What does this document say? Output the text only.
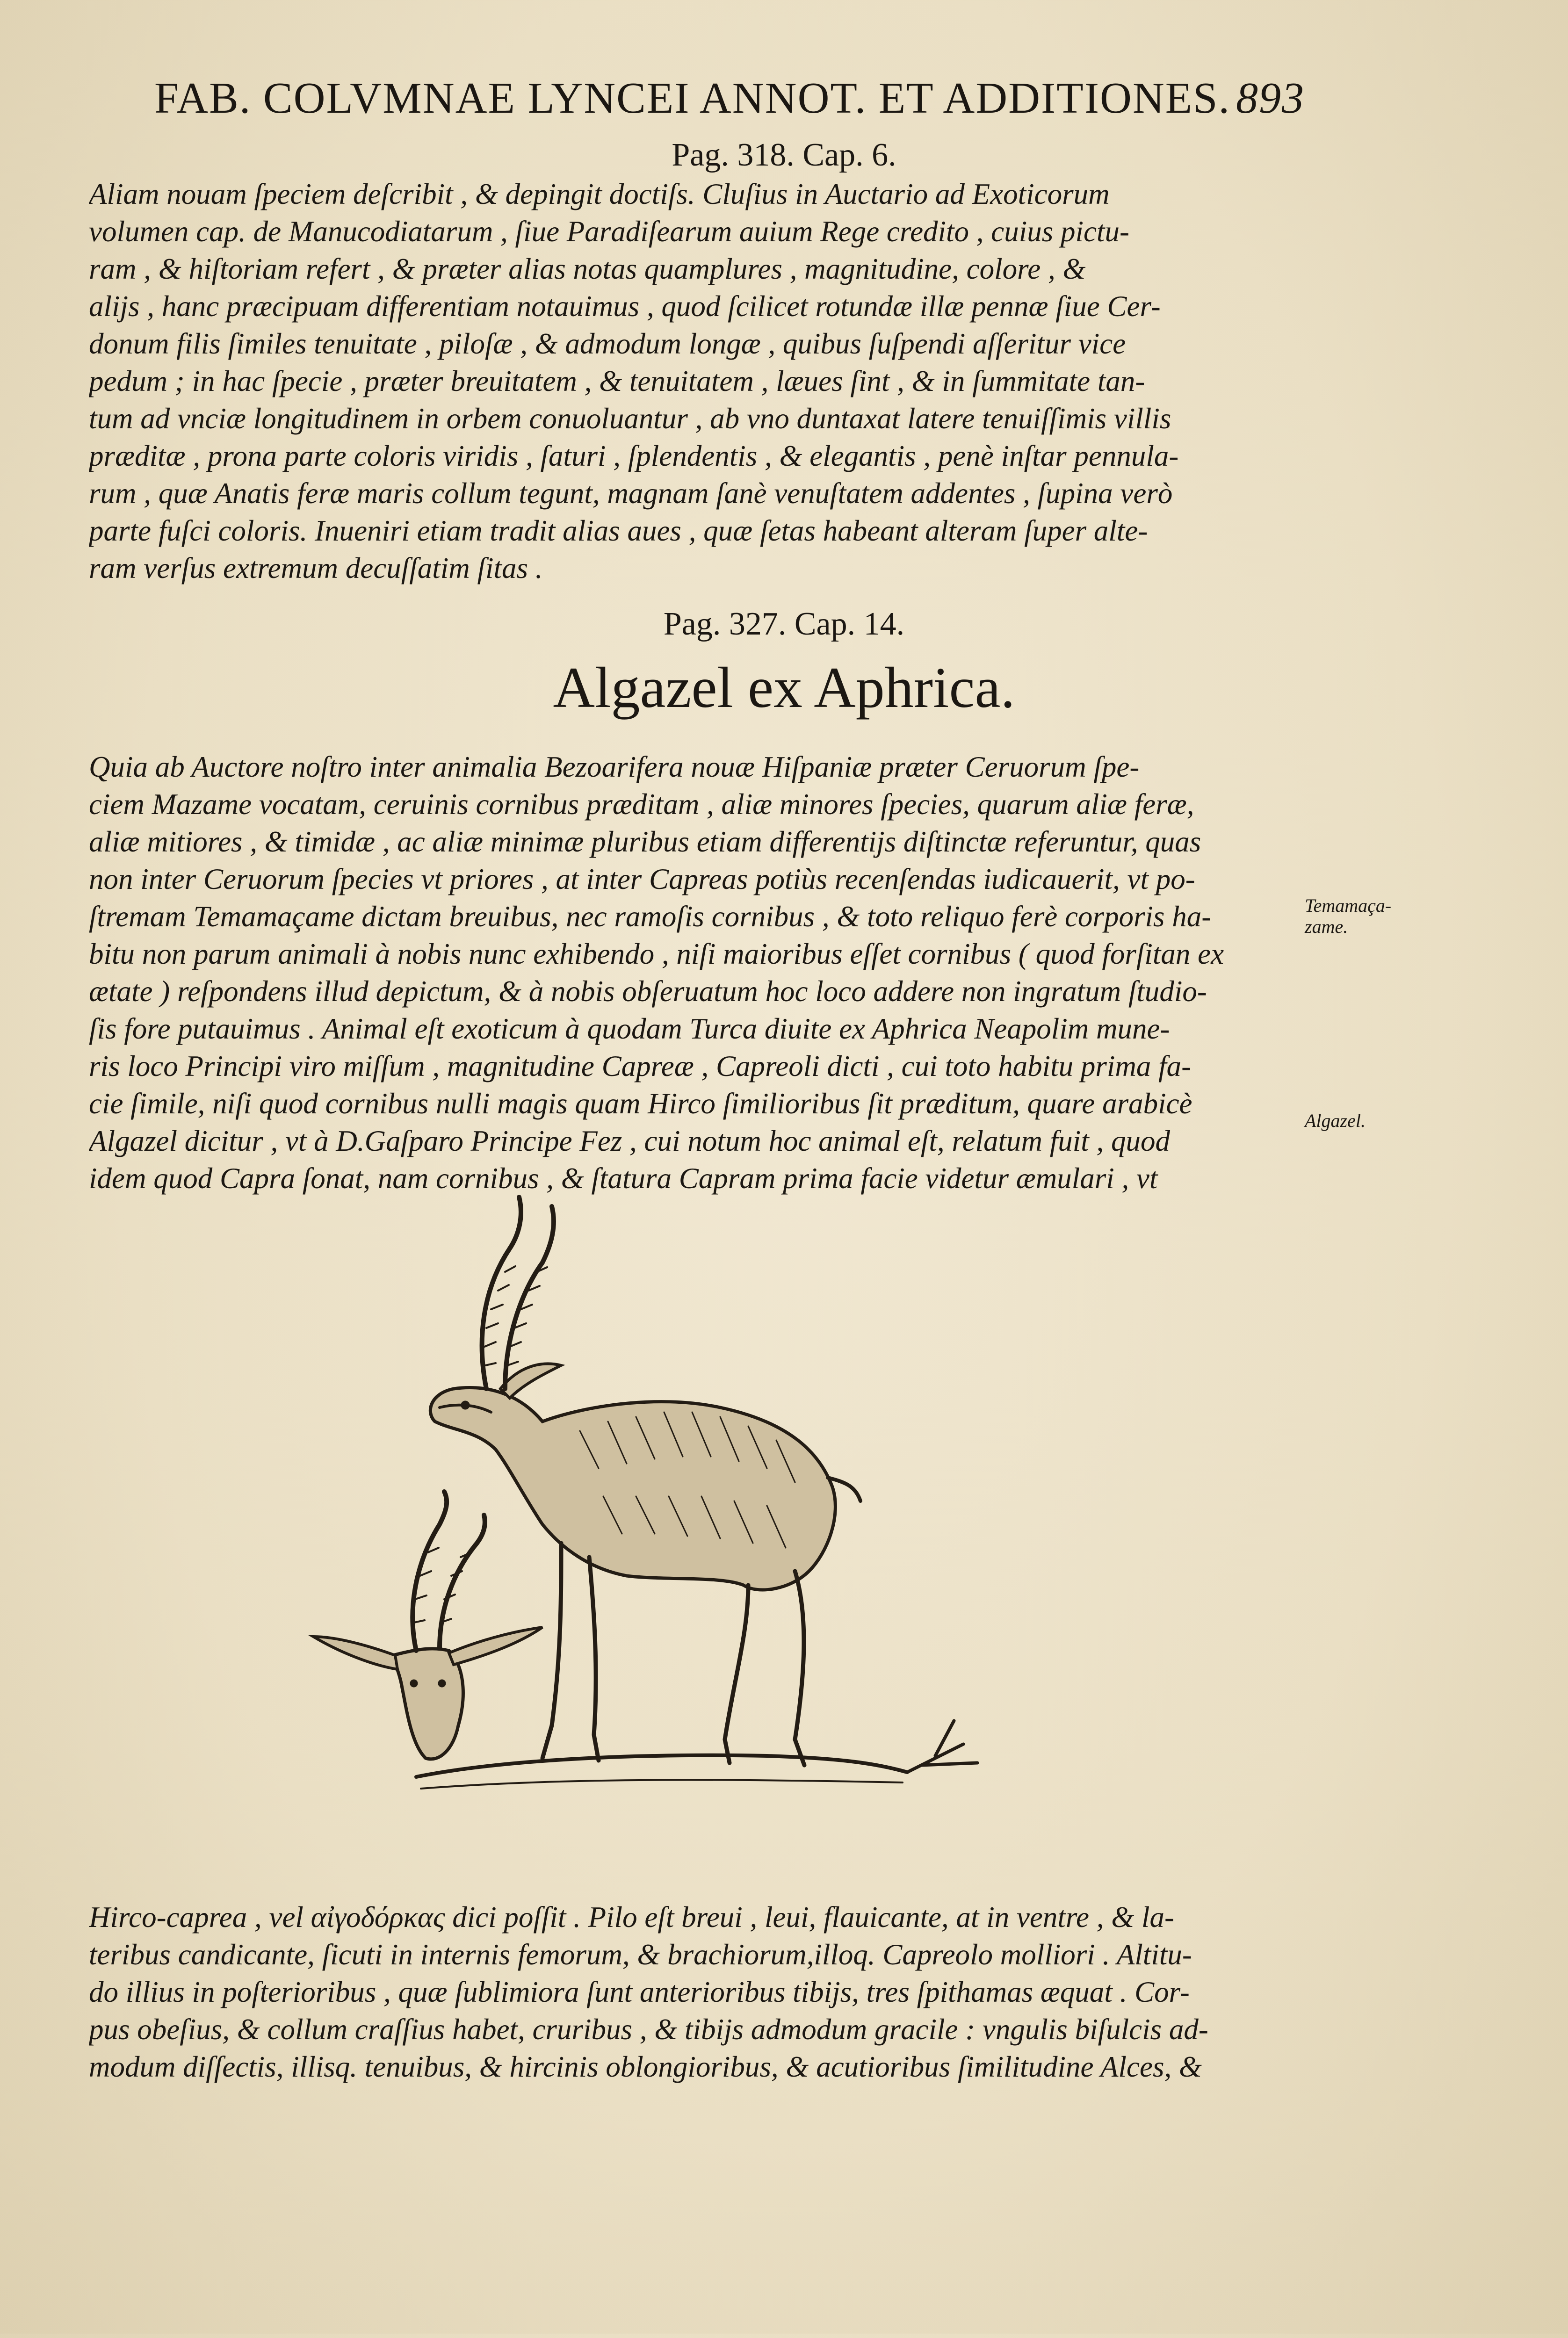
FAB. COLVMNAE LYNCEI ANNOT. ET ADDITIONES. 893
Pag. 318. Cap. 6.

Aliam nouam ſpeciem deſcribit , & depingit doctiſs. Cluſius in Auctario ad Exoticorum

volumen cap. de Manucodiatarum , ſiue Paradiſearum auium Rege credito , cuius pictu-

ram , & hiſtoriam refert , & præter alias notas quamplures , magnitudine, colore , &

aliјs , hanc præcipuam differentiam notauimus , quod ſcilicet rotundæ illæ pennæ ſiue Cer-

donum filis ſimiles tenuitate , piloſæ , & admodum longæ , quibus ſuſpendi aſſeritur vice

pedum ; in hac ſpecie , præter breuitatem , & tenuitatem , læues ſint , & in ſummitate tan-

tum ad vnciæ longitudinem in orbem conuoluantur , ab vno duntaxat latere tenuiſſimis villis

præditæ , prona parte coloris viridis , ſaturi , ſplendentis , & elegantis , penè inſtar pennula-

rum , quæ Anatis feræ maris collum tegunt, magnam ſanè venuſtatem addentes , ſupina verò

parte fuſci coloris. Inueniri etiam tradit alias aues , quæ ſetas habeant alteram ſuper alte-

ram verſus extremum decuſſatim ſitas .

Pag. 327. Cap. 14.
Algazel ex Aphrica.

Quia ab Auctore noſtro inter animalia Bezoarifera nouæ Hiſpaniæ præter Ceruorum ſpe-

ciem Mazame vocatam, ceruinis cornibus præditam , aliæ minores ſpecies, quarum aliæ feræ,

aliæ mitiores , & timidæ , ac aliæ minimæ pluribus etiam differentiјs diſtinctæ referuntur, quas

non inter Ceruorum ſpecies vt priores , at inter Capreas potiùs recenſendas iudicauerit, vt po-

ſtremam Temamaçame dictam breuibus, nec ramoſis cornibus , & toto reliquo ferè corporis ha-

bitu non parum animali à nobis nunc exhibendo , niſi maioribus eſſet cornibus ( quod forſitan ex

ætate ) reſpondens illud depictum, & à nobis obſeruatum hoc loco addere non ingratum ſtudio-

ſis fore putauimus . Animal eſt exoticum à quodam Turca diuite ex Aphrica Neapolim mune-

ris loco Principi viro miſſum , magnitudine Capreæ , Capreoli dicti , cui toto habitu prima fa-

cie ſimile, niſi quod cornibus nulli magis quam Hirco ſimilioribus ſit præditum, quare arabicè

Algazel dicitur , vt à D.Gaſparo Principe Fez , cui notum hoc animal eſt, relatum fuit , quod

idem quod Capra ſonat, nam cornibus , & ſtatura Capram prima facie videtur æmulari , vt

Temamaça-
zame.
Algazel.

Hirco-caprea , vel αἰγοδόρκας dici poſſit . Pilo eſt breui , leui, flauicante, at in ventre , & la-

teribus candicante, ſicuti in internis femorum, & brachiorum,illoq. Capreolo molliori . Altitu-

do illius in poſterioribus , quæ ſublimiora ſunt anterioribus tibiјs, tres ſpithamas æquat . Cor-

pus obeſius, & collum craſſius habet, cruribus , & tibiјs admodum gracile : vngulis biſulcis ad-

modum diſſectis, illisq. tenuibus, & hircinis oblongioribus, & acutioribus ſimilitudine Alces, &
